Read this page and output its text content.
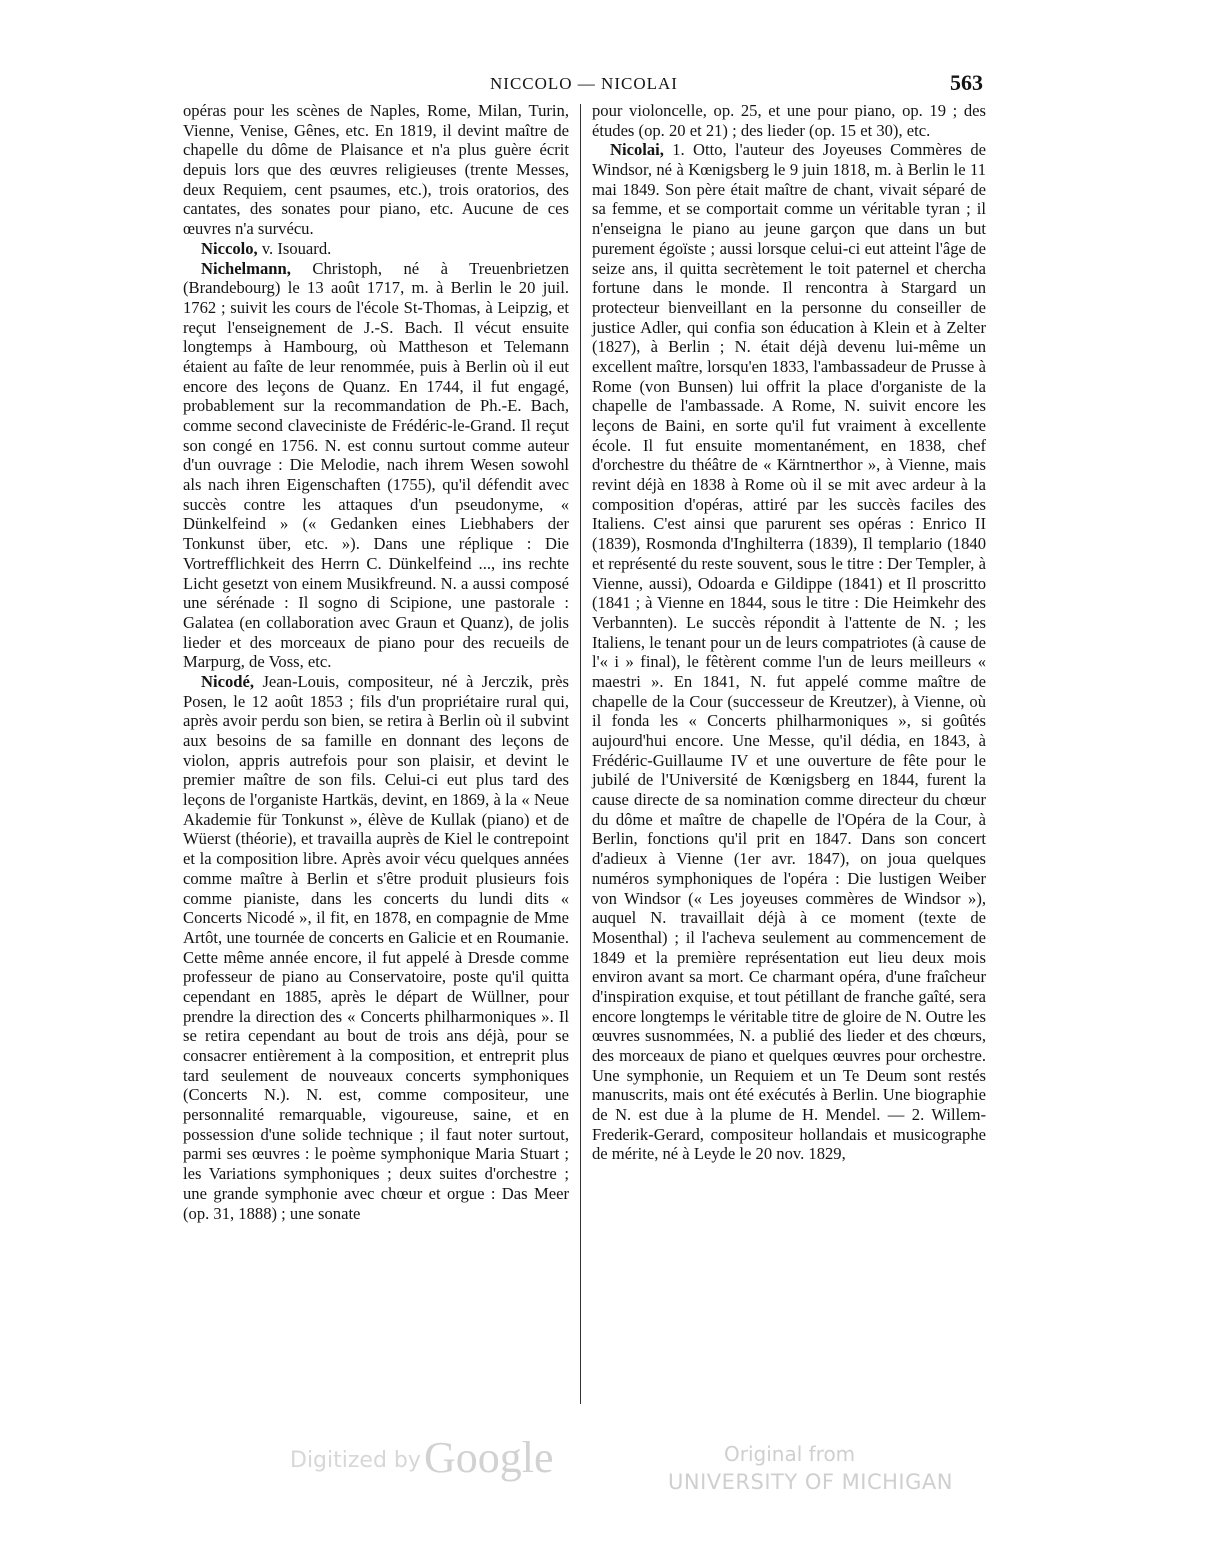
NICCOLO — NICOLAI	563

opéras pour les scènes de Naples, Rome, Milan, Turin, Vienne, Venise, Gênes, etc. En 1819, il devint maître de chapelle du dôme de Plaisance et n'a plus guère écrit depuis lors que des œuvres religieuses (trente Messes, deux Requiem, cent psaumes, etc.), trois oratorios, des cantates, des sonates pour piano, etc. Aucune de ces œuvres n'a survécu.

Niccolo, v. Isouard.

Nichelmann, Christoph, né à Treuenbrietzen (Brandebourg) le 13 août 1717, m. à Berlin le 20 juil. 1762 ; suivit les cours de l'école St-Thomas, à Leipzig, et reçut l'enseignement de J.-S. Bach. Il vécut ensuite longtemps à Hambourg, où Mattheson et Telemann étaient au faîte de leur renommée, puis à Berlin où il eut encore des leçons de Quanz. En 1744, il fut engagé, probablement sur la recommandation de Ph.-E. Bach, comme second claveciniste de Frédéric-le-Grand. Il reçut son congé en 1756. N. est connu surtout comme auteur d'un ouvrage : Die Melodie, nach ihrem Wesen sowohl als nach ihren Eigenschaften (1755), qu'il défendit avec succès contre les attaques d'un pseudonyme, « Dünkelfeind » (« Gedanken eines Liebhabers der Tonkunst über, etc. »). Dans une réplique : Die Vortrefflichkeit des Herrn C. Dünkelfeind ..., ins rechte Licht gesetzt von einem Musikfreund. N. a aussi composé une sérénade : Il sogno di Scipione, une pastorale : Galatea (en collaboration avec Graun et Quanz), de jolis lieder et des morceaux de piano pour des recueils de Marpurg, de Voss, etc.

Nicodé, Jean-Louis, compositeur, né à Jerczik, près Posen, le 12 août 1853 ; fils d'un propriétaire rural qui, après avoir perdu son bien, se retira à Berlin où il subvint aux besoins de sa famille en donnant des leçons de violon, appris autrefois pour son plaisir, et devint le premier maître de son fils. Celui-ci eut plus tard des leçons de l'organiste Hartkäs, devint, en 1869, à la « Neue Akademie für Tonkunst », élève de Kullak (piano) et de Wüerst (théorie), et travailla auprès de Kiel le contrepoint et la composition libre. Après avoir vécu quelques années comme maître à Berlin et s'être produit plusieurs fois comme pianiste, dans les concerts du lundi dits « Concerts Nicodé », il fit, en 1878, en compagnie de Mme Artôt, une tournée de concerts en Galicie et en Roumanie. Cette même année encore, il fut appelé à Dresde comme professeur de piano au Conservatoire, poste qu'il quitta cependant en 1885, après le départ de Wüllner, pour prendre la direction des « Concerts philharmoniques ». Il se retira cependant au bout de trois ans déjà, pour se consacrer entièrement à la composition, et entreprit plus tard seulement de nouveaux concerts symphoniques (Concerts N.). N. est, comme compositeur, une personnalité remarquable, vigoureuse, saine, et en possession d'une solide technique ; il faut noter surtout, parmi ses œuvres : le poème symphonique Maria Stuart ; les Variations symphoniques ; deux suites d'orchestre ; une grande symphonie avec chœur et orgue : Das Meer (op. 31, 1888) ; une sonate

pour violoncelle, op. 25, et une pour piano, op. 19 ; des études (op. 20 et 21) ; des lieder (op. 15 et 30), etc.

Nicolai, 1. Otto, l'auteur des Joyeuses Commères de Windsor, né à Kœnigsberg le 9 juin 1818, m. à Berlin le 11 mai 1849. Son père était maître de chant, vivait séparé de sa femme, et se comportait comme un véritable tyran ; il n'enseigna le piano au jeune garçon que dans un but purement égoïste ; aussi lorsque celui-ci eut atteint l'âge de seize ans, il quitta secrètement le toit paternel et chercha fortune dans le monde. Il rencontra à Stargard un protecteur bienveillant en la personne du conseiller de justice Adler, qui confia son éducation à Klein et à Zelter (1827), à Berlin ; N. était déjà devenu lui-même un excellent maître, lorsqu'en 1833, l'ambassadeur de Prusse à Rome (von Bunsen) lui offrit la place d'organiste de la chapelle de l'ambassade. A Rome, N. suivit encore les leçons de Baini, en sorte qu'il fut vraiment à excellente école. Il fut ensuite momentanément, en 1838, chef d'orchestre du théâtre de « Kärntnerthor », à Vienne, mais revint déjà en 1838 à Rome où il se mit avec ardeur à la composition d'opéras, attiré par les succès faciles des Italiens. C'est ainsi que parurent ses opéras : Enrico II (1839), Rosmonda d'Inghilterra (1839), Il templario (1840 et représenté du reste souvent, sous le titre : Der Templer, à Vienne, aussi), Odoarda e Gildippe (1841) et Il proscritto (1841 ; à Vienne en 1844, sous le titre : Die Heimkehr des Verbannten). Le succès répondit à l'attente de N. ; les Italiens, le tenant pour un de leurs compatriotes (à cause de l'« i » final), le fêtèrent comme l'un de leurs meilleurs « maestri ». En 1841, N. fut appelé comme maître de chapelle de la Cour (successeur de Kreutzer), à Vienne, où il fonda les « Concerts philharmoniques », si goûtés aujourd'hui encore. Une Messe, qu'il dédia, en 1843, à Frédéric-Guillaume IV et une ouverture de fête pour le jubilé de l'Université de Kœnigsberg en 1844, furent la cause directe de sa nomination comme directeur du chœur du dôme et maître de chapelle de l'Opéra de la Cour, à Berlin, fonctions qu'il prit en 1847. Dans son concert d'adieux à Vienne (1er avr. 1847), on joua quelques numéros symphoniques de l'opéra : Die lustigen Weiber von Windsor (« Les joyeuses commères de Windsor »), auquel N. travaillait déjà à ce moment (texte de Mosenthal) ; il l'acheva seulement au commencement de 1849 et la première représentation eut lieu deux mois environ avant sa mort. Ce charmant opéra, d'une fraîcheur d'inspiration exquise, et tout pétillant de franche gaîté, sera encore longtemps le véritable titre de gloire de N. Outre les œuvres susnommées, N. a publié des lieder et des chœurs, des morceaux de piano et quelques œuvres pour orchestre. Une symphonie, un Requiem et un Te Deum sont restés manuscrits, mais ont été exécutés à Berlin. Une biographie de N. est due à la plume de H. Mendel. — 2. Willem-Frederik-Gerard, compositeur hollandais et musicographe de mérite, né à Leyde le 20 nov. 1829,

Digitized by Google	Original from
UNIVERSITY OF MICHIGAN
